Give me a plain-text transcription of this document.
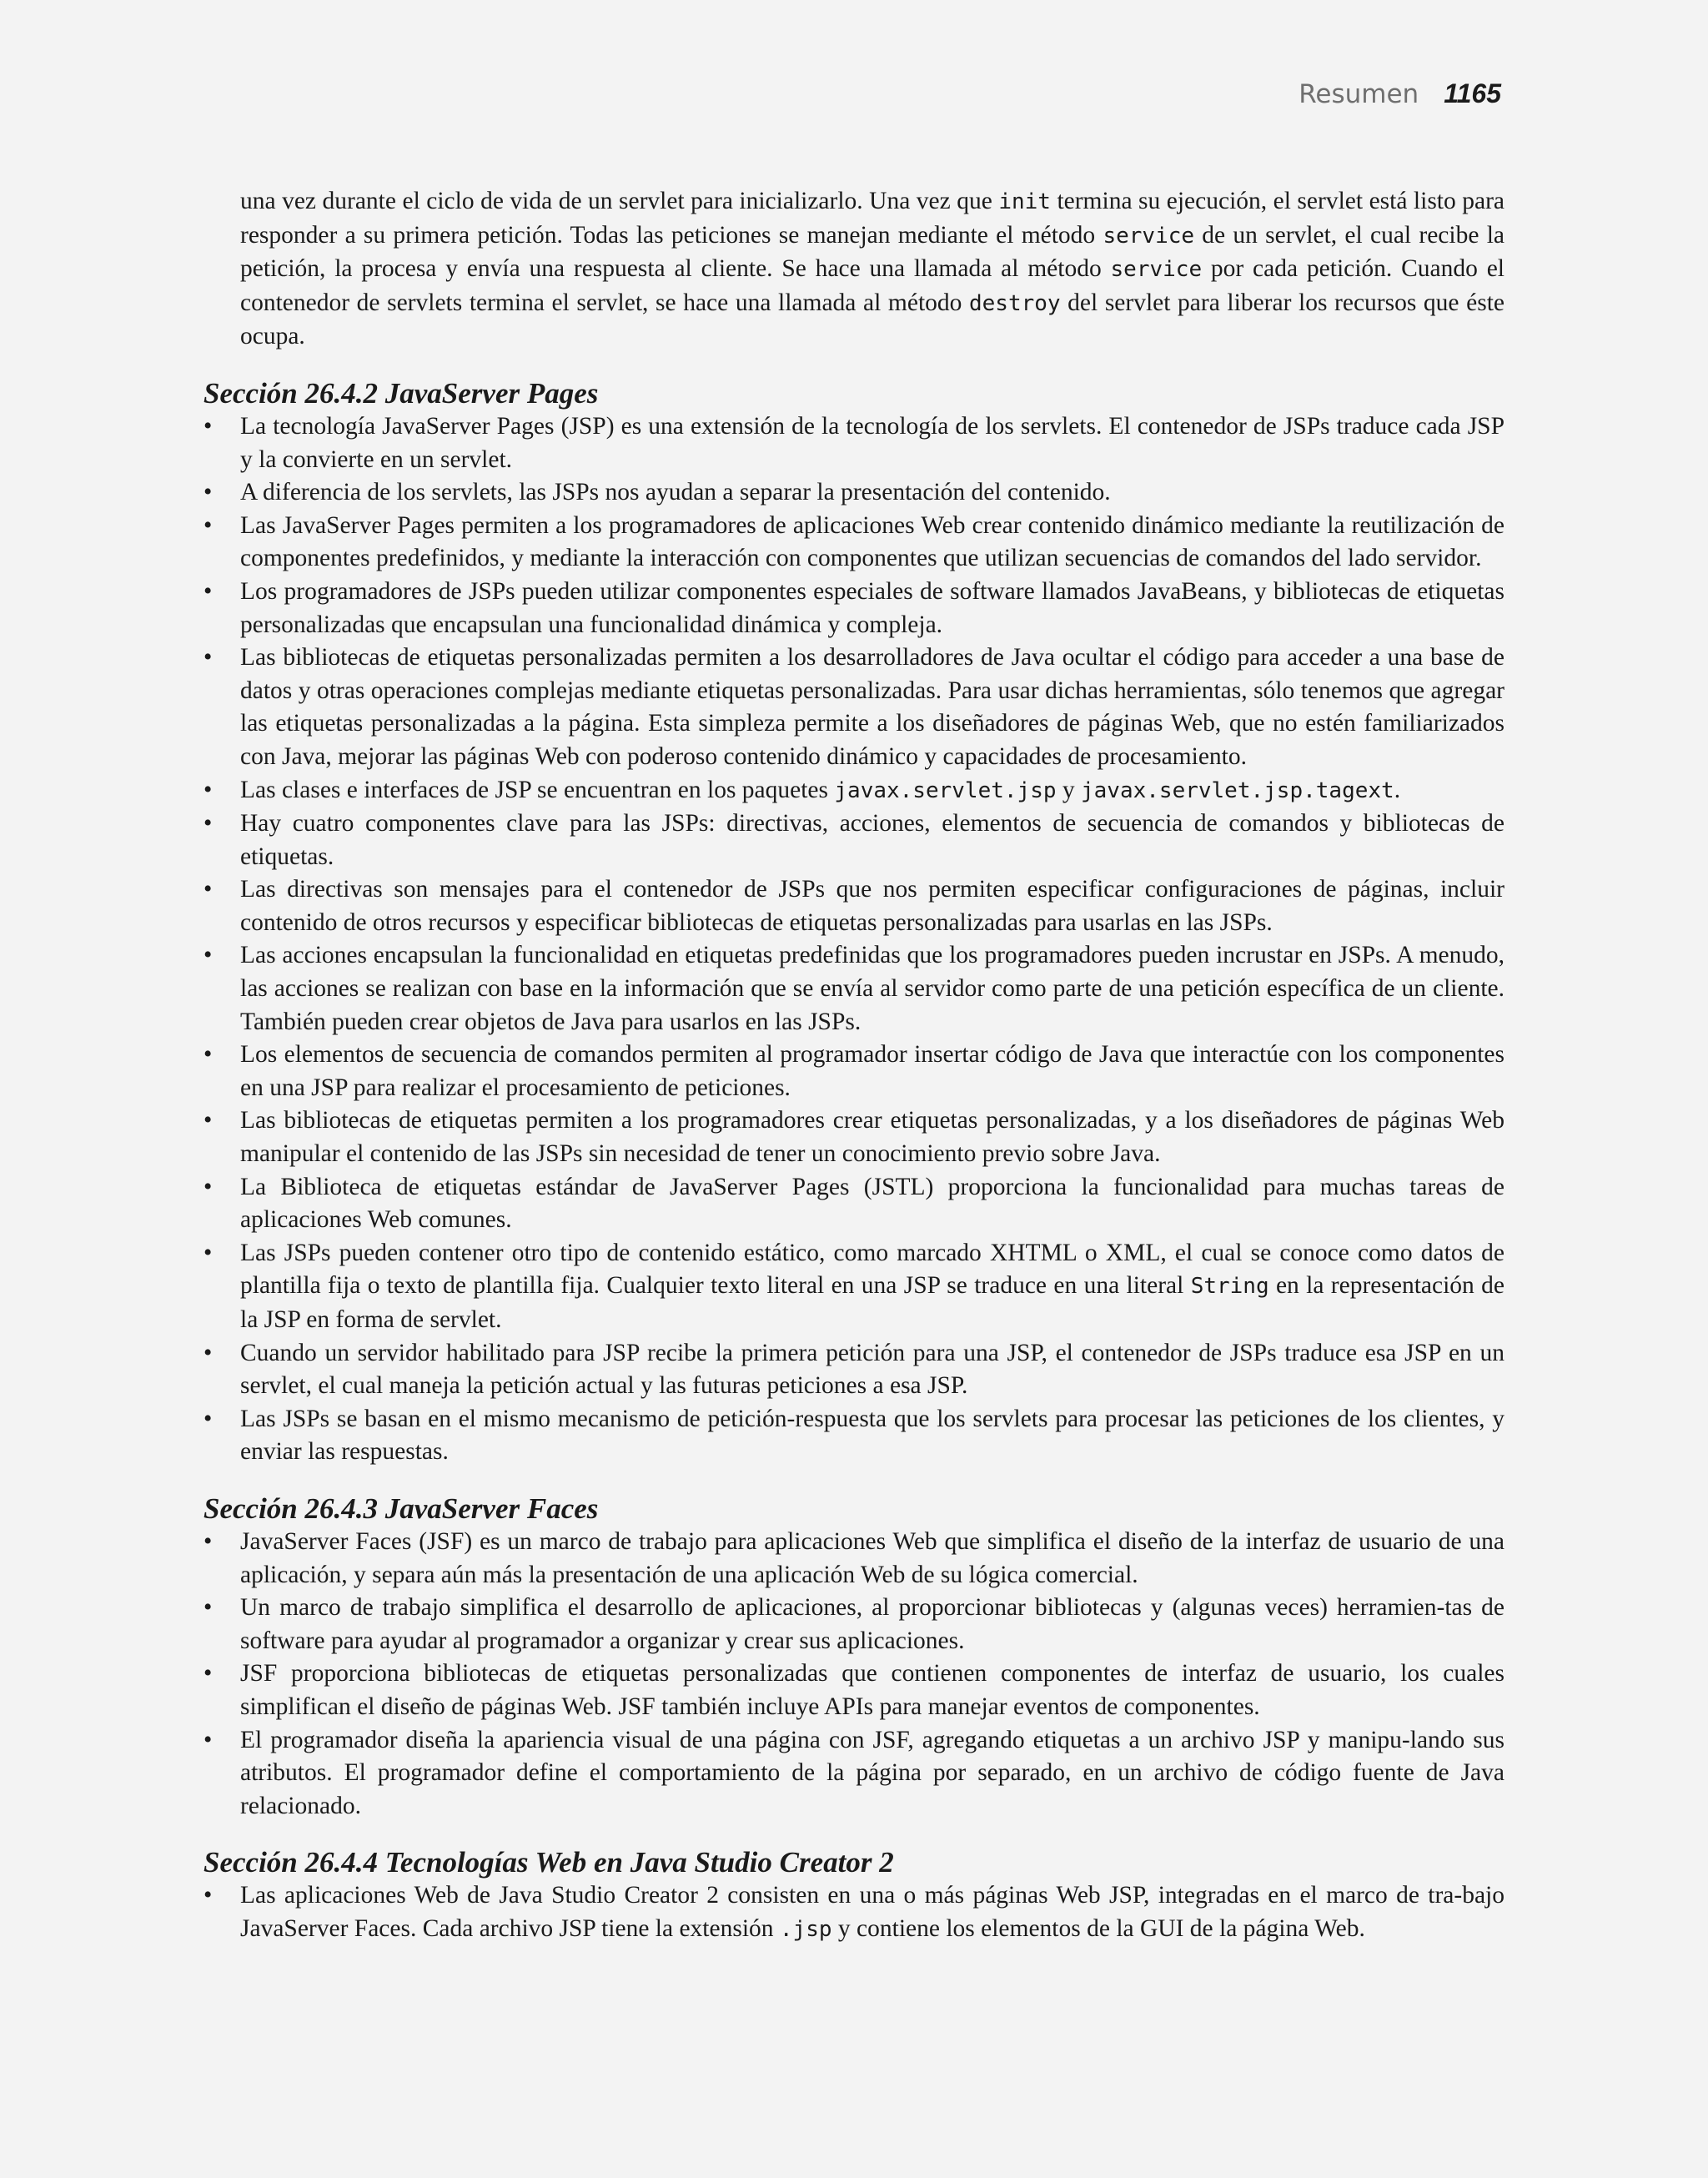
Resumen 1165

una vez durante el ciclo de vida de un servlet para inicializarlo. Una vez que init termina su ejecución, el servlet está listo para responder a su primera petición. Todas las peticiones se manejan mediante el método service de un servlet, el cual recibe la petición, la procesa y envía una respuesta al cliente. Se hace una llamada al método service por cada petición. Cuando el contenedor de servlets termina el servlet, se hace una llamada al método destroy del servlet para liberar los recursos que éste ocupa.

Sección 26.4.2 JavaServer Pages
• La tecnología JavaServer Pages (JSP) es una extensión de la tecnología de los servlets. El contenedor de JSPs traduce cada JSP y la convierte en un servlet.
• A diferencia de los servlets, las JSPs nos ayudan a separar la presentación del contenido.
• Las JavaServer Pages permiten a los programadores de aplicaciones Web crear contenido dinámico mediante la reutilización de componentes predefinidos, y mediante la interacción con componentes que utilizan secuencias de comandos del lado servidor.
• Los programadores de JSPs pueden utilizar componentes especiales de software llamados JavaBeans, y bibliotecas de etiquetas personalizadas que encapsulan una funcionalidad dinámica y compleja.
• Las bibliotecas de etiquetas personalizadas permiten a los desarrolladores de Java ocultar el código para acceder a una base de datos y otras operaciones complejas mediante etiquetas personalizadas. Para usar dichas herramientas, sólo tenemos que agregar las etiquetas personalizadas a la página. Esta simpleza permite a los diseñadores de páginas Web, que no estén familiarizados con Java, mejorar las páginas Web con poderoso contenido dinámico y capacidades de procesamiento.
• Las clases e interfaces de JSP se encuentran en los paquetes javax.servlet.jsp y javax.servlet.jsp.tagext.
• Hay cuatro componentes clave para las JSPs: directivas, acciones, elementos de secuencia de comandos y bibliotecas de etiquetas.
• Las directivas son mensajes para el contenedor de JSPs que nos permiten especificar configuraciones de páginas, incluir contenido de otros recursos y especificar bibliotecas de etiquetas personalizadas para usarlas en las JSPs.
• Las acciones encapsulan la funcionalidad en etiquetas predefinidas que los programadores pueden incrustar en JSPs. A menudo, las acciones se realizan con base en la información que se envía al servidor como parte de una petición específica de un cliente. También pueden crear objetos de Java para usarlos en las JSPs.
• Los elementos de secuencia de comandos permiten al programador insertar código de Java que interactúe con los componentes en una JSP para realizar el procesamiento de peticiones.
• Las bibliotecas de etiquetas permiten a los programadores crear etiquetas personalizadas, y a los diseñadores de páginas Web manipular el contenido de las JSPs sin necesidad de tener un conocimiento previo sobre Java.
• La Biblioteca de etiquetas estándar de JavaServer Pages (JSTL) proporciona la funcionalidad para muchas tareas de aplicaciones Web comunes.
• Las JSPs pueden contener otro tipo de contenido estático, como marcado XHTML o XML, el cual se conoce como datos de plantilla fija o texto de plantilla fija. Cualquier texto literal en una JSP se traduce en una literal String en la representación de la JSP en forma de servlet.
• Cuando un servidor habilitado para JSP recibe la primera petición para una JSP, el contenedor de JSPs traduce esa JSP en un servlet, el cual maneja la petición actual y las futuras peticiones a esa JSP.
• Las JSPs se basan en el mismo mecanismo de petición-respuesta que los servlets para procesar las peticiones de los clientes, y enviar las respuestas.
Sección 26.4.3 JavaServer Faces
• JavaServer Faces (JSF) es un marco de trabajo para aplicaciones Web que simplifica el diseño de la interfaz de usuario de una aplicación, y separa aún más la presentación de una aplicación Web de su lógica comercial.
• Un marco de trabajo simplifica el desarrollo de aplicaciones, al proporcionar bibliotecas y (algunas veces) herramien-tas de software para ayudar al programador a organizar y crear sus aplicaciones.
• JSF proporciona bibliotecas de etiquetas personalizadas que contienen componentes de interfaz de usuario, los cuales simplifican el diseño de páginas Web. JSF también incluye APIs para manejar eventos de componentes.
• El programador diseña la apariencia visual de una página con JSF, agregando etiquetas a un archivo JSP y manipu-lando sus atributos. El programador define el comportamiento de la página por separado, en un archivo de código fuente de Java relacionado.
Sección 26.4.4 Tecnologías Web en Java Studio Creator 2
• Las aplicaciones Web de Java Studio Creator 2 consisten en una o más páginas Web JSP, integradas en el marco de tra-bajo JavaServer Faces. Cada archivo JSP tiene la extensión .jsp y contiene los elementos de la GUI de la página Web.
